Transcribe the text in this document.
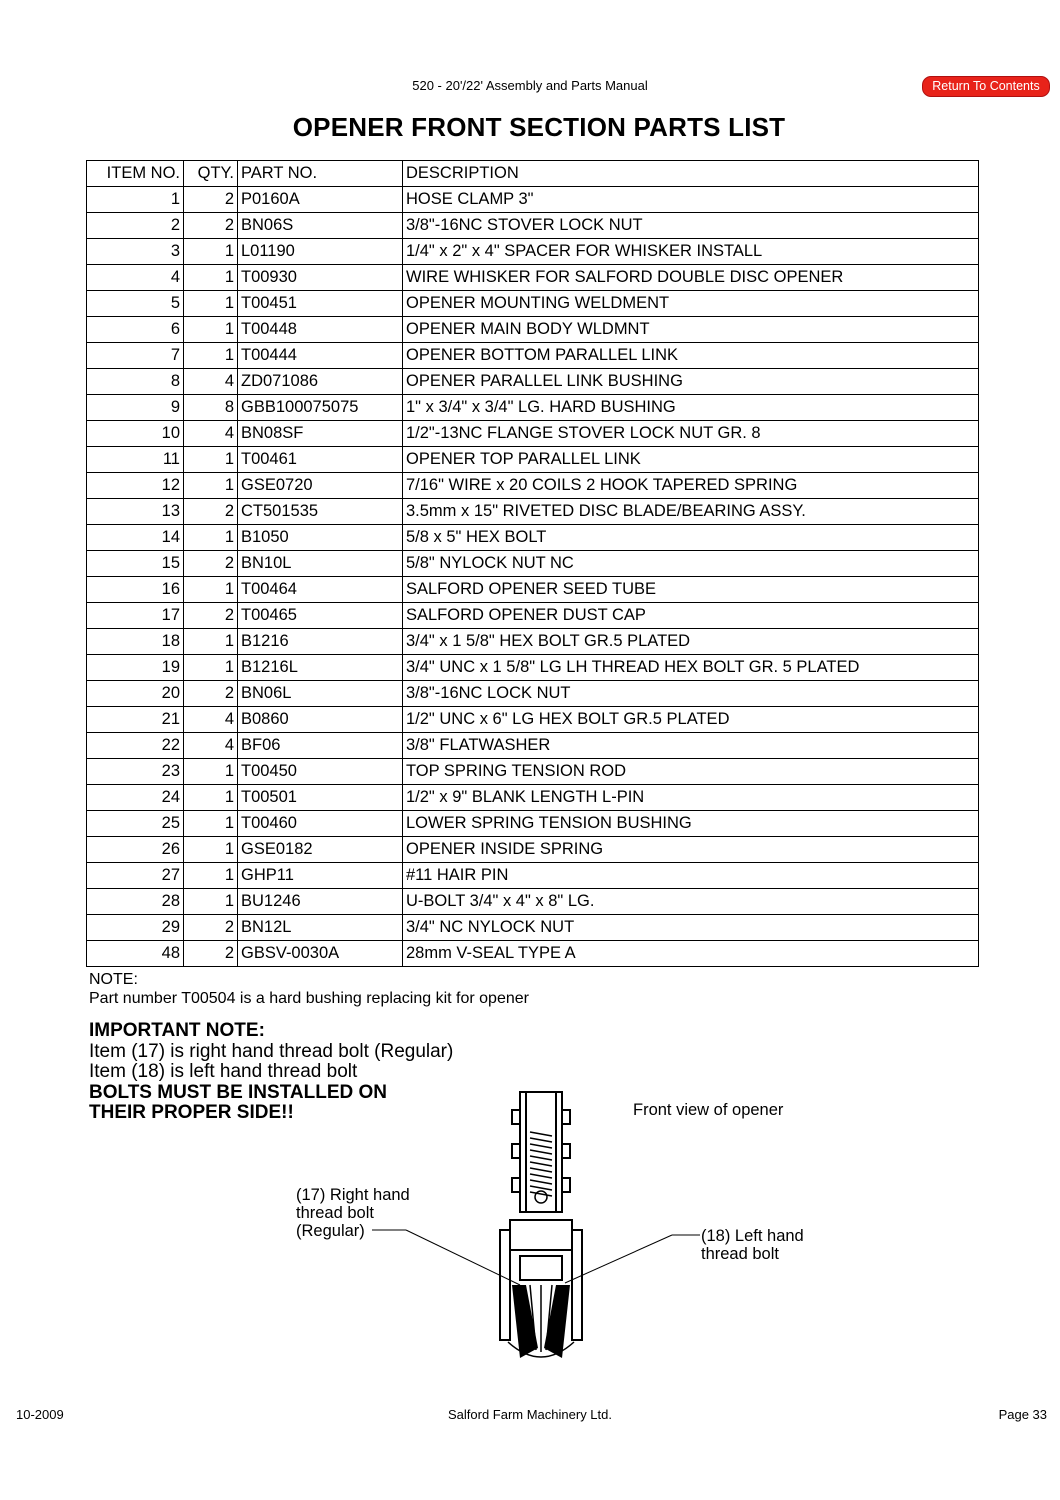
520 - 20'/22' Assembly and Parts Manual	Return To Contents
OPENER FRONT SECTION PARTS LIST
ITEM NO.	QTY.	PART NO.	DESCRIPTION
1	2	P0160A	HOSE CLAMP 3"
2	2	BN06S	3/8"-16NC STOVER LOCK NUT
3	1	L01190	1/4" x 2" x 4" SPACER FOR WHISKER INSTALL
4	1	T00930	WIRE WHISKER FOR SALFORD DOUBLE DISC OPENER
5	1	T00451	OPENER MOUNTING WELDMENT
6	1	T00448	OPENER MAIN BODY WLDMNT
7	1	T00444	OPENER BOTTOM PARALLEL LINK
8	4	ZD071086	OPENER PARALLEL LINK BUSHING
9	8	GBB100075075	1" x 3/4" x 3/4" LG. HARD BUSHING
10	4	BN08SF	1/2"-13NC FLANGE STOVER LOCK NUT GR. 8
11	1	T00461	OPENER TOP PARALLEL LINK
12	1	GSE0720	7/16" WIRE x 20 COILS 2 HOOK TAPERED SPRING
13	2	CT501535	3.5mm x 15" RIVETED DISC BLADE/BEARING ASSY.
14	1	B1050	5/8 x 5" HEX BOLT
15	2	BN10L	5/8" NYLOCK NUT NC
16	1	T00464	SALFORD OPENER SEED TUBE
17	2	T00465	SALFORD OPENER DUST CAP
18	1	B1216	3/4" x 1 5/8" HEX BOLT GR.5 PLATED
19	1	B1216L	3/4" UNC x 1 5/8" LG LH THREAD HEX BOLT GR. 5 PLATED
20	2	BN06L	3/8"-16NC LOCK NUT
21	4	B0860	1/2" UNC x 6" LG HEX BOLT GR.5 PLATED
22	4	BF06	3/8" FLATWASHER
23	1	T00450	TOP SPRING TENSION ROD
24	1	T00501	1/2" x 9" BLANK LENGTH L-PIN
25	1	T00460	LOWER SPRING TENSION BUSHING
26	1	GSE0182	OPENER INSIDE SPRING
27	1	GHP11	#11 HAIR PIN
28	1	BU1246	U-BOLT 3/4" x 4" x 8" LG.
29	2	BN12L	3/4" NC NYLOCK NUT
48	2	GBSV-0030A	28mm V-SEAL TYPE A
NOTE:
Part number T00504 is a hard bushing replacing kit for opener
IMPORTANT NOTE:
Item (17) is right hand thread bolt (Regular)
Item (18) is left hand thread bolt
BOLTS MUST BE INSTALLED ON
THEIR PROPER SIDE!!	Front view of opener
(17) Right hand
thread bolt
(Regular)	(18) Left hand
thread bolt
10-2009	Salford Farm Machinery Ltd.	Page 33
